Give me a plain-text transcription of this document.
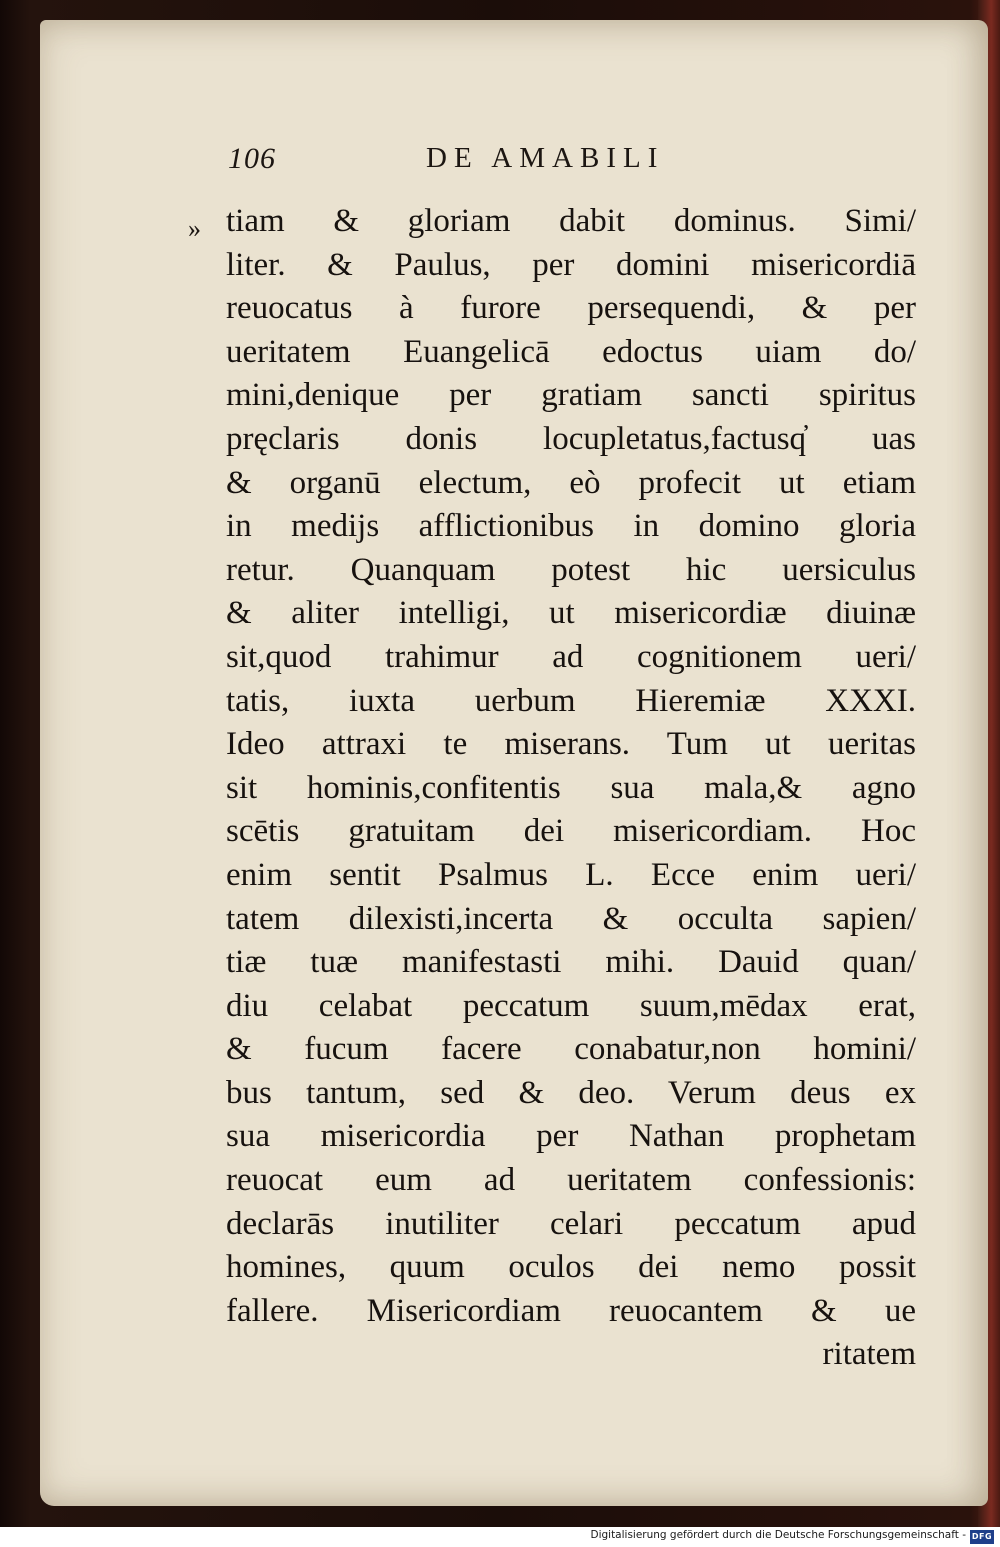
106	DE AMABILI
» tiam & gloriam dabit dominus. Simi/
liter. & Paulus, per domini misericordiā
reuocatus à furore persequendi, & per
ueritatem Euangelicā edoctus uiam do/
mini,denique per gratiam sancti spiritus
pręclaris donis locupletatus,factusq̓ uas
& organū electum, eò profecit ut etiam
in medijs afflictionibus in domino gloria
retur. Quanquam potest hic uersiculus
& aliter intelligi, ut misericordiæ diuinæ
sit,quod trahimur ad cognitionem ueri/
tatis, iuxta uerbum Hieremiæ XXXI.
Ideo attraxi te miserans. Tum ut ueritas
sit hominis,confitentis sua mala,& agno
scētis gratuitam dei misericordiam. Hoc
enim sentit Psalmus L. Ecce enim ueri/
tatem dilexisti,incerta & occulta sapien/
tiæ tuæ manifestasti mihi. Dauid quan/
diu celabat peccatum suum,mēdax erat,
& fucum facere conabatur,non homini/
bus tantum, sed & deo. Verum deus ex
sua misericordia per Nathan prophetam
reuocat eum ad ueritatem confessionis:
declarās inutiliter celari peccatum apud
homines, quum oculos dei nemo possit
fallere. Misericordiam reuocantem & ue
ritatem
Digitalisierung gefördert durch die Deutsche Forschungsgemeinschaft - DFG
